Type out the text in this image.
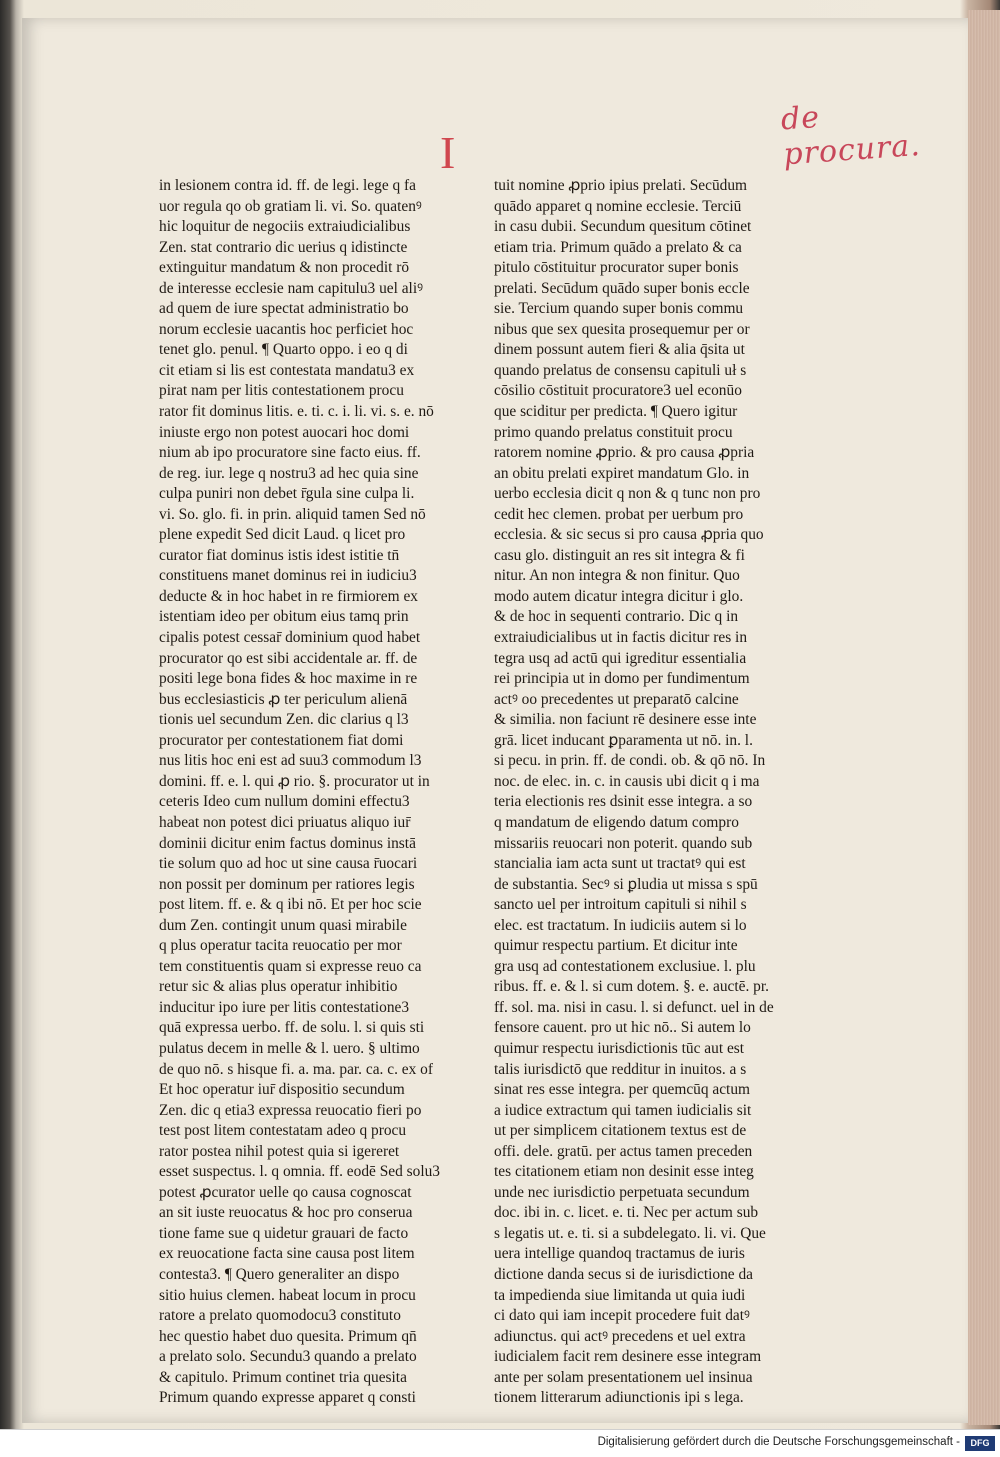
de procura.
I
in lesionem contra id. ff. de legi. lege q fa
uor regula qo ob gratiam li. vi. So. quatenꝰ
hic loquitur de negociis extraiudicialibus
Zen. stat contrario dic uerius q idistincte
extinguitur mandatum & non procedit rō
de interesse ecclesie nam capitulu3 uel aliꝰ
ad quem de iure spectat administratio bo
norum ecclesie uacantis hoc perficiet hoc
tenet glo. penul. ¶ Quarto oppo. i eo q di
cit etiam si lis est contestata mandatu3 ex
pirat nam per litis contestationem procu
rator fit dominus litis. e. ti. c. i. li. vi. s. e. nō
iniuste ergo non potest auocari hoc domi
nium ab ipo procuratore sine facto eius. ff.
de reg. iur. lege q nostru3 ad hec quia sine
culpa puniri non debet r̄gula sine culpa li.
vi. So. glo. fi. in prin. aliquid tamen Sed nō
plene expedit Sed dicit Laud. q licet pro
curator fiat dominus istis idest istitie tn̄
constituens manet dominus rei in iudiciu3
deducte & in hoc habet in re firmiorem ex
istentiam ideo per obitum eius tamq prin
cipalis potest cessar̄ dominium quod habet
procurator qo est sibi accidentale ar. ff. de
positi lege bona fides & hoc maxime in re
bus ecclesiasticis ꝓ ter periculum alienā
tionis uel secundum Zen. dic clarius q l3
procurator per contestationem fiat domi
nus litis hoc eni est ad suu3 commodum l3
domini. ff. e. l. qui ꝓ rio. §. procurator ut in
ceteris Ideo cum nullum domini effectu3
habeat non potest dici priuatus aliquo iur̄
dominii dicitur enim factus dominus instā
tie solum quo ad hoc ut sine causa r̄uocari
non possit per dominum per ratiores legis
post litem. ff. e. & q ibi nō. Et per hoc scie
dum Zen. contingit unum quasi mirabile
q plus operatur tacita reuocatio per mor
tem constituentis quam si expresse reuo ca
retur sic & alias plus operatur inhibitio
inducitur ipo iure per litis contestatione3
quā expressa uerbo. ff. de solu. l. si quis sti
pulatus decem in melle & l. uero. § ultimo
de quo nō. s hisque fi. a. ma. par. ca. c. ex of
Et hoc operatur iur̄ dispositio secundum
Zen. dic q etia3 expressa reuocatio fieri po
test post litem contestatam adeo q procu
rator postea nihil potest quia si igereret
esset suspectus. l. q omnia. ff. eodē Sed solu3
potest ꝓcurator uelle qo causa cognoscat
an sit iuste reuocatus & hoc pro conserua
tione fame sue q uidetur grauari de facto
ex reuocatione facta sine causa post litem
contesta3. ¶ Quero generaliter an dispo
sitio huius clemen. habeat locum in procu
ratore a prelato quomodocu3 constituto
hec questio habet duo quesita. Primum qn̄
a prelato solo. Secundu3 quando a prelato
& capitulo. Primum continet tria quesita
Primum quando expresse apparet q consti
tuit nomine ꝓprio ipius prelati. Secūdum
quādo apparet q nomine ecclesie. Terciū
in casu dubii. Secundum quesitum cōtinet
etiam tria. Primum quādo a prelato & ca
pitulo cōstituitur procurator super bonis
prelati. Secūdum quādo super bonis eccle
sie. Tercium quando super bonis commu
nibus que sex quesita prosequemur per or
dinem possunt autem fieri & alia q̄sita ut
quando prelatus de consensu capituli uł s
cōsilio cōstituit procuratore3 uel econūo
que sciditur per predicta. ¶ Quero igitur
primo quando prelatus constituit procu
ratorem nomine ꝓprio. & pro causa ꝓpria
an obitu prelati expiret mandatum Glo. in
uerbo ecclesia dicit q non & q tunc non pro
cedit hec clemen. probat per uerbum pro
ecclesia. & sic secus si pro causa ꝓpria quo
casu glo. distinguit an res sit integra & fi
nitur. An non integra & non finitur. Quo
modo autem dicatur integra dicitur i glo.
& de hoc in sequenti contrario. Dic q in
extraiudicialibus ut in factis dicitur res in
tegra usq ad actū qui igreditur essentialia
rei principia ut in domo per fundimentum
actꝰ oo precedentes ut preparatō calcine
& similia. non faciunt rē desinere esse inte
grā. licet inducant ꝑparamenta ut nō. in. l.
si pecu. in prin. ff. de condi. ob. & qō nō. In
noc. de elec. in. c. in causis ubi dicit q i ma
teria electionis res dsinit esse integra. a so
q mandatum de eligendo datum compro
missariis reuocari non poterit. quando sub
stancialia iam acta sunt ut tractatꝰ qui est
de substantia. Secꝰ si ꝑludia ut missa s spū
sancto uel per introitum capituli si nihil s
elec. est tractatum. In iudiciis autem si lo
quimur respectu partium. Et dicitur inte
gra usq ad contestationem exclusiue. l. plu
ribus. ff. e. & l. si cum dotem. §. e. auctē. pr.
ff. sol. ma. nisi in casu. l. si defunct. uel in de
fensore cauent. pro ut hic nō.. Si autem lo
quimur respectu iurisdictionis tūc aut est
talis iurisdictō que redditur in inuitos. a s
sinat res esse integra. per quemcūq actum
a iudice extractum qui tamen iudicialis sit
ut per simplicem citationem textus est de
offi. dele. gratū. per actus tamen preceden
tes citationem etiam non desinit esse integ
unde nec iurisdictio perpetuata secundum
doc. ibi in. c. licet. e. ti. Nec per actum sub
s legatis ut. e. ti. si a subdelegato. li. vi. Que
uera intellige quandoq tractamus de iuris
dictione danda secus si de iurisdictione da
ta impedienda siue limitanda ut quia iudi
ci dato qui iam incepit procedere fuit datꝰ
adiunctus. qui actꝰ precedens et uel extra
iudicialem facit rem desinere esse integram
ante per solam presentationem uel insinua
tionem litterarum adiunctionis ipi s lega.
Digitalisierung gefördert durch die Deutsche Forschungsgemeinschaft -	DFG
